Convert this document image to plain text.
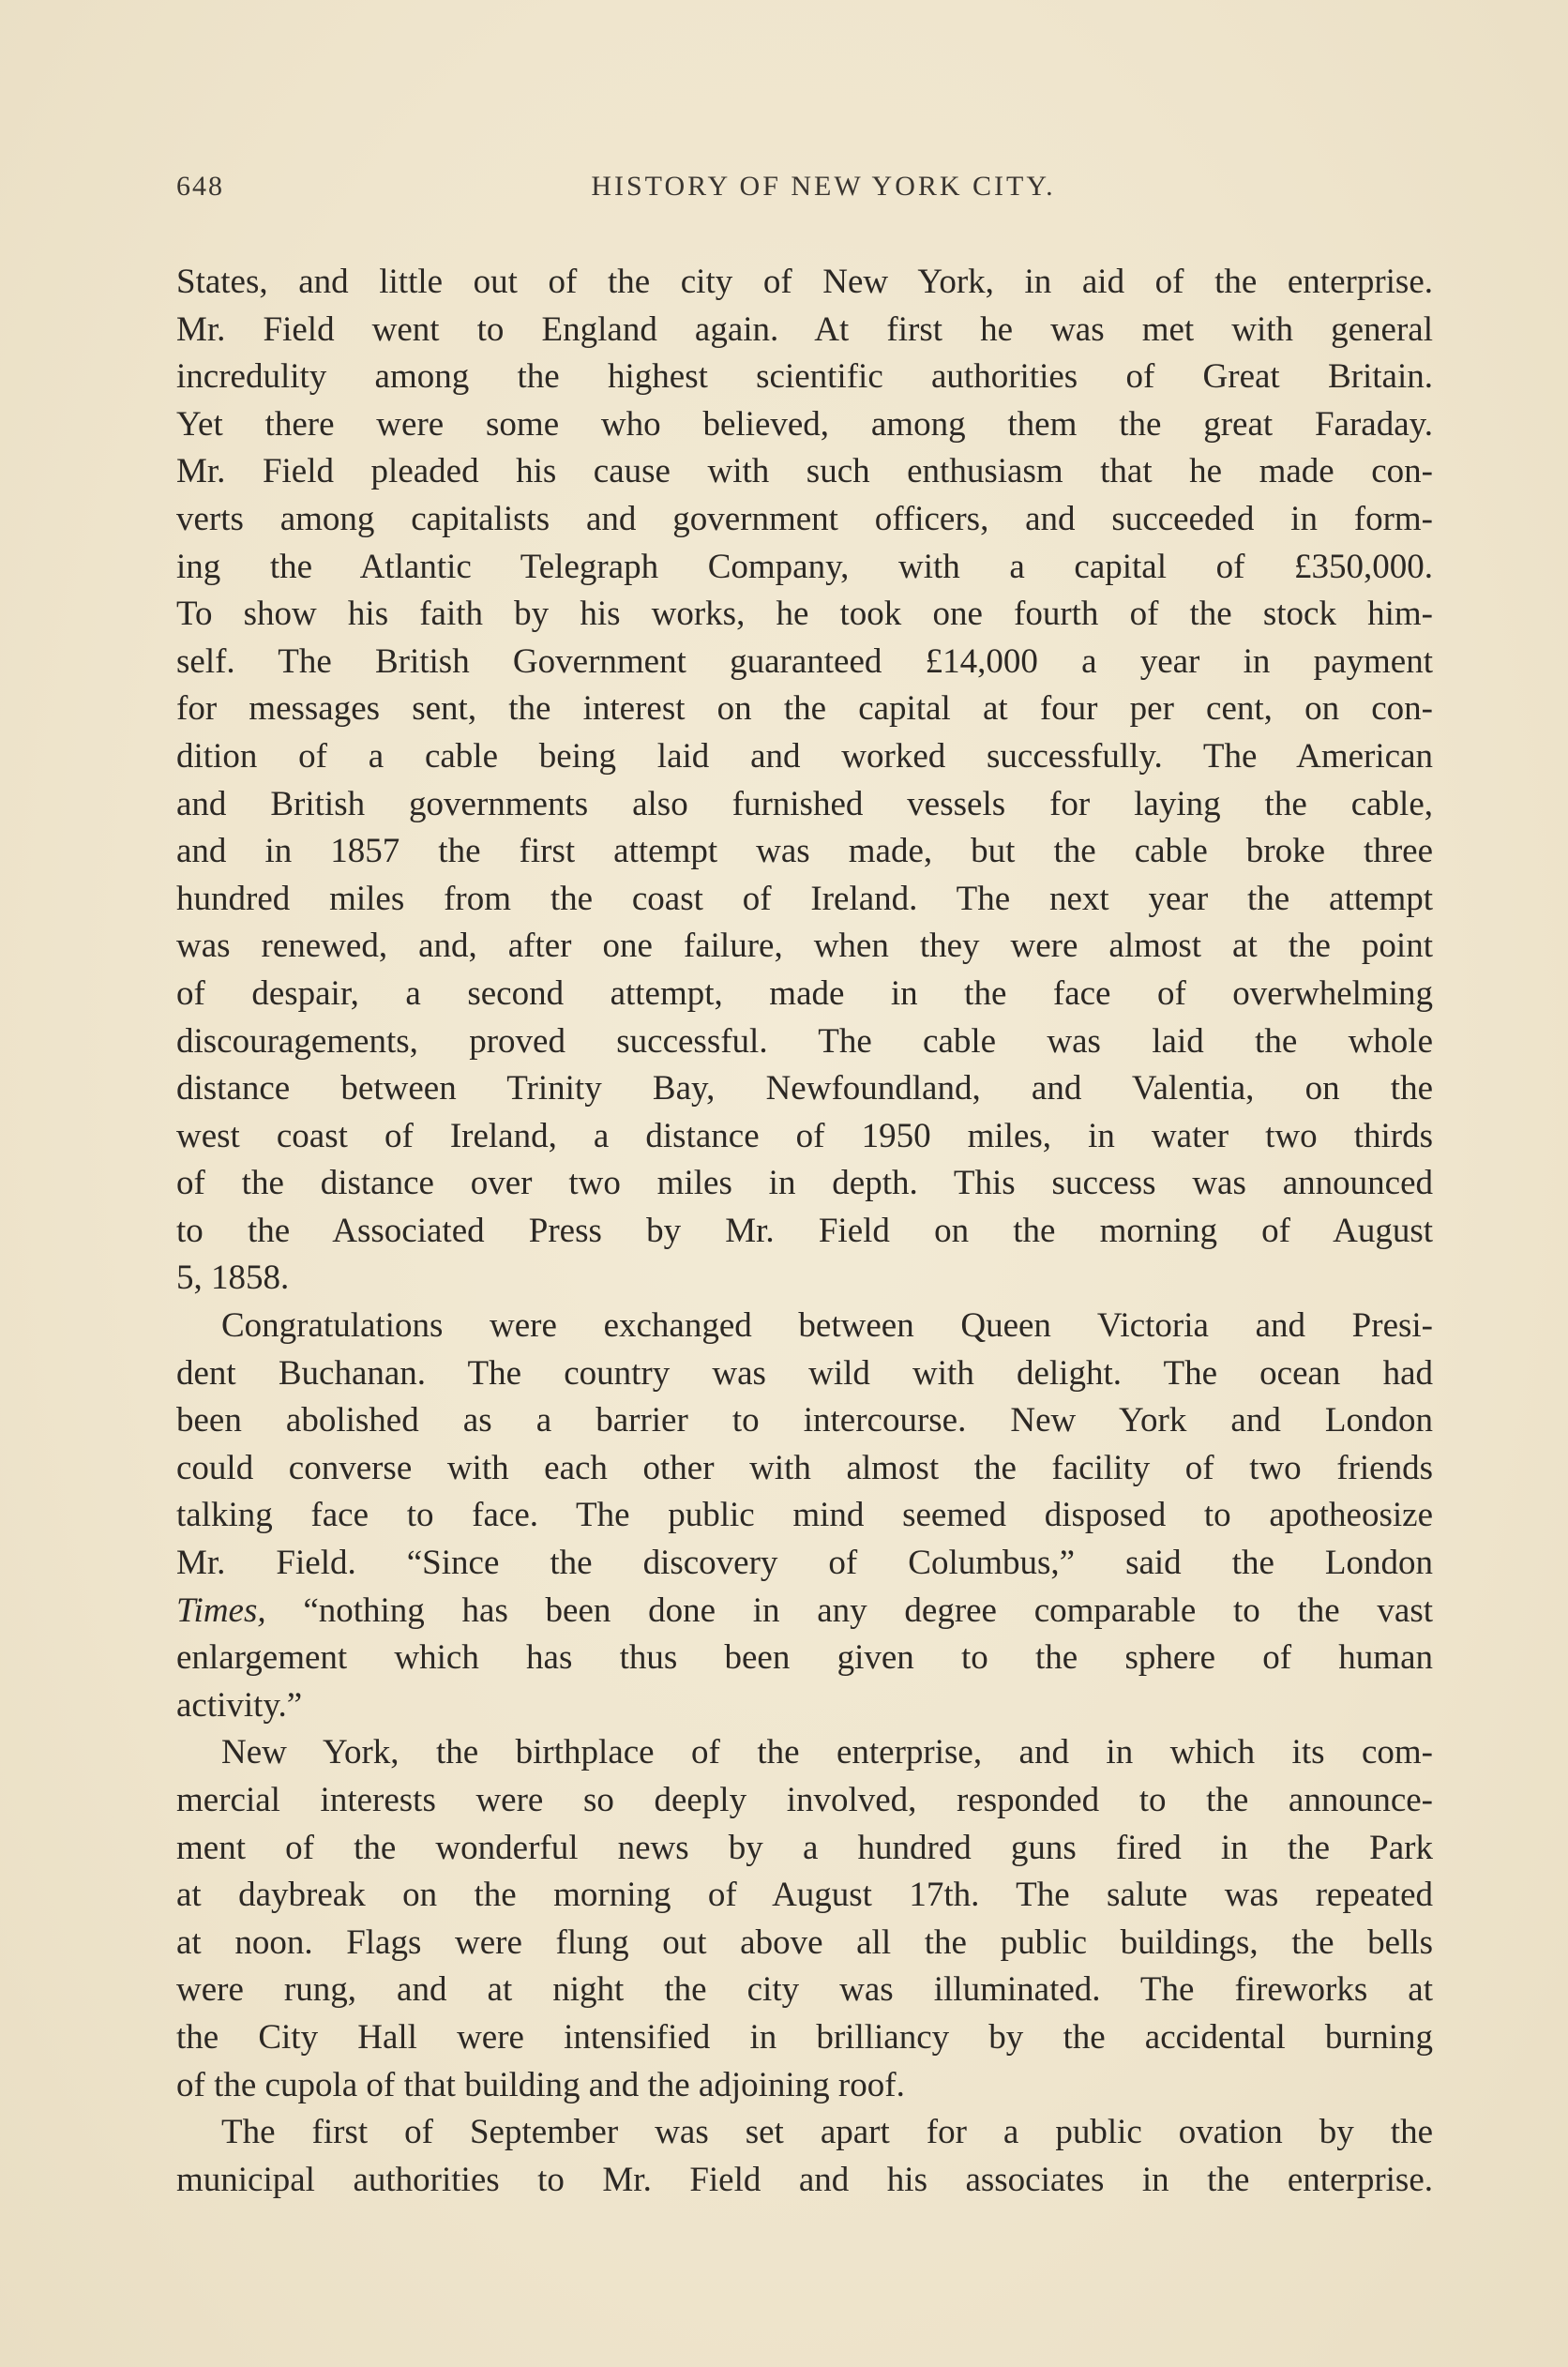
648	HISTORY OF NEW YORK CITY.
States, and little out of the city of New York, in aid of the enterprise.
Mr. Field went to England again. At first he was met with general
incredulity among the highest scientific authorities of Great Britain.
Yet there were some who believed, among them the great Faraday.
Mr. Field pleaded his cause with such enthusiasm that he made con-
verts among capitalists and government officers, and succeeded in form-
ing the Atlantic Telegraph Company, with a capital of £350,000.
To show his faith by his works, he took one fourth of the stock him-
self. The British Government guaranteed £14,000 a year in payment
for messages sent, the interest on the capital at four per cent, on con-
dition of a cable being laid and worked successfully. The American
and British governments also furnished vessels for laying the cable,
and in 1857 the first attempt was made, but the cable broke three
hundred miles from the coast of Ireland. The next year the attempt
was renewed, and, after one failure, when they were almost at the point
of despair, a second attempt, made in the face of overwhelming
discouragements, proved successful. The cable was laid the whole
distance between Trinity Bay, Newfoundland, and Valentia, on the
west coast of Ireland, a distance of 1950 miles, in water two thirds
of the distance over two miles in depth. This success was announced
to the Associated Press by Mr. Field on the morning of August
5, 1858.
Congratulations were exchanged between Queen Victoria and Presi-
dent Buchanan. The country was wild with delight. The ocean had
been abolished as a barrier to intercourse. New York and London
could converse with each other with almost the facility of two friends
talking face to face. The public mind seemed disposed to apotheosize
Mr. Field. “Since the discovery of Columbus,” said the London
Times, “nothing has been done in any degree comparable to the vast
enlargement which has thus been given to the sphere of human
activity.”
New York, the birthplace of the enterprise, and in which its com-
mercial interests were so deeply involved, responded to the announce-
ment of the wonderful news by a hundred guns fired in the Park
at daybreak on the morning of August 17th. The salute was repeated
at noon. Flags were flung out above all the public buildings, the bells
were rung, and at night the city was illuminated. The fireworks at
the City Hall were intensified in brilliancy by the accidental burning
of the cupola of that building and the adjoining roof.
The first of September was set apart for a public ovation by the
municipal authorities to Mr. Field and his associates in the enterprise.
